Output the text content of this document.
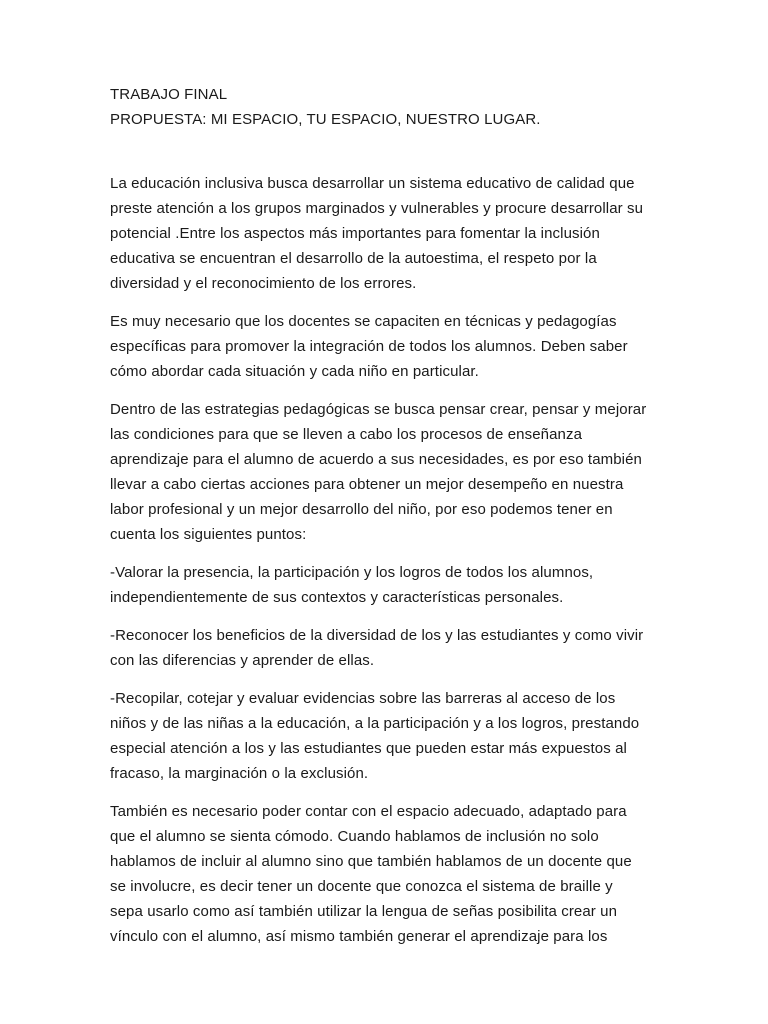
TRABAJO FINAL

PROPUESTA: MI ESPACIO, TU ESPACIO, NUESTRO LUGAR.

La educación inclusiva busca desarrollar un sistema educativo de calidad que
preste atención a los grupos marginados y vulnerables y procure desarrollar su
potencial .Entre los aspectos más importantes para fomentar la inclusión
educativa se encuentran el desarrollo de la autoestima, el respeto por la
diversidad y el reconocimiento de los errores.

Es muy necesario que los docentes se capaciten en técnicas y pedagogías
específicas para promover la integración de todos los alumnos. Deben saber
cómo abordar cada situación y cada niño en particular.

Dentro de las estrategias pedagógicas se busca pensar crear, pensar y mejorar
las condiciones para que se lleven a cabo los procesos de enseñanza
aprendizaje para el alumno de acuerdo a sus necesidades, es por eso también
llevar a cabo ciertas acciones para obtener un mejor desempeño en nuestra
labor profesional y un mejor desarrollo del niño, por eso podemos tener en
cuenta los siguientes puntos:

-Valorar la presencia, la participación y los logros de todos los alumnos,
independientemente de sus contextos y características personales.

-Reconocer los beneficios de la diversidad de los y las estudiantes y como vivir
con las diferencias y aprender de ellas.

-Recopilar, cotejar y evaluar evidencias sobre las barreras al acceso de los
niños y de las niñas a la educación, a la participación y a los logros, prestando
especial atención a los y las estudiantes que pueden estar más expuestos al
fracaso, la marginación o la exclusión.

También es necesario poder contar con el espacio adecuado, adaptado para
que el alumno se sienta cómodo. Cuando hablamos de inclusión no solo
hablamos de incluir al alumno sino que también hablamos de un docente que
se involucre, es decir tener un docente que conozca el sistema de braille y
sepa usarlo como así también utilizar la lengua de señas posibilita crear un
vínculo con el alumno, así mismo también generar el aprendizaje para los
